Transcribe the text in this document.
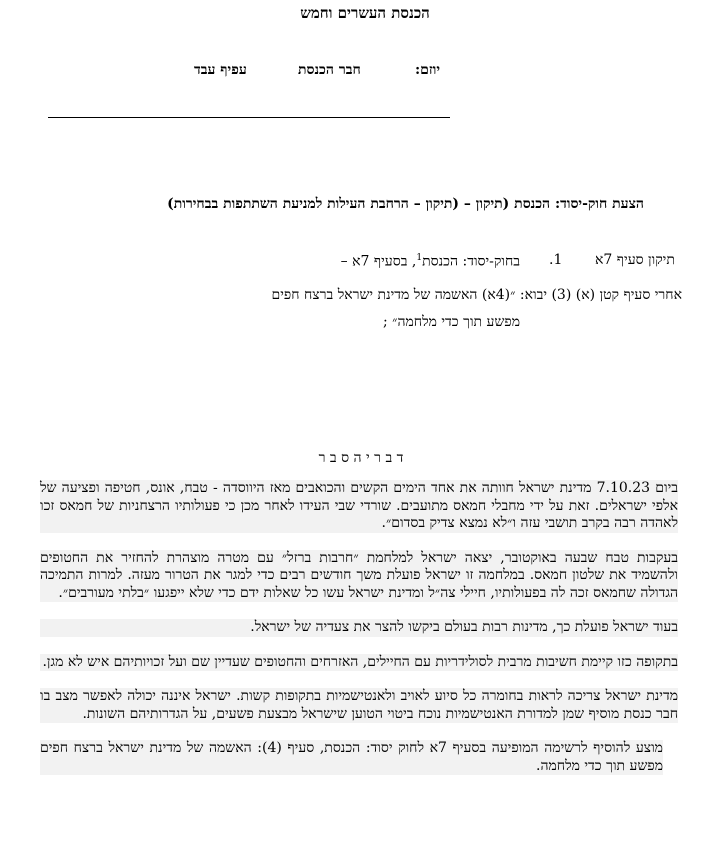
הכנסת העשרים וחמש
יוזם:
חבר הכנסת
עפיף עבד
הצעת חוק-יסוד: הכנסת (תיקון – (תיקון – הרחבת העילות למניעת השתתפות בבחירות)
תיקון סעיף 7א
1.
בחוק-יסוד: הכנסת$^1$, בסעיף 7א –
אחרי סעיף קטן (א) (3) יבוא: ״(4א) האשמה של מדינת ישראל ברצח חפים
מפשע תוך כדי מלחמה״ ;
ד ב ר י ה ס ב ר

ביום 7.10.23 מדינת ישראל חוותה את אחד הימים הקשים והכואבים מאז היווסדה - טבח, אונס, חטיפה ופציעה של אלפי ישראלים. זאת על ידי מחבלי חמאס מתועבים. שורדי שבי העידו לאחר מכן כי פעולותיו הרצחניות של חמאס זכו לאהדה רבה בקרב תושבי עזה ו״לא נמצא צדיק בסדום״.

בעקבות טבח שבעה באוקטובר, יצאה ישראל למלחמת ״חרבות ברזל״ עם מטרה מוצהרת להחזיר את החטופים ולהשמיד את שלטון חמאס. במלחמה זו ישראל פועלת משך חודשים רבים כדי למגר את הטרור מעזה. למרות התמיכה הגדולה שחמאס זכה לה בפעולותיו, חיילי צה״ל ומדינת ישראל עשו כל שאלות ידם כדי שלא ייפגעו ״בלתי מעורבים״.

בעוד ישראל פועלת כך, מדינות רבות בעולם ביקשו להצר את צעדיה של ישראל.

בתקופה כזו קיימת חשיבות מרבית לסולידריות עם החיילים, האזרחים והחטופים שעדיין שם ועל זכויותיהם איש לא מגן.

מדינת ישראל צריכה לראות בחומרה כל סיוע לאויב ולאנטישמיות בתקופות קשות. ישראל איננה יכולה לאפשר מצב בו חבר כנסת מוסיף שמן למדורת האנטישמיות נוכח ביטוי הטוען שישראל מבצעת פשעים, על הגדרותיהם השונות.

מוצע להוסיף לרשימה המופיעה בסעיף 7א לחוק יסוד: הכנסת, סעיף (4): האשמה של מדינת ישראל ברצח חפים מפשע תוך כדי מלחמה.
